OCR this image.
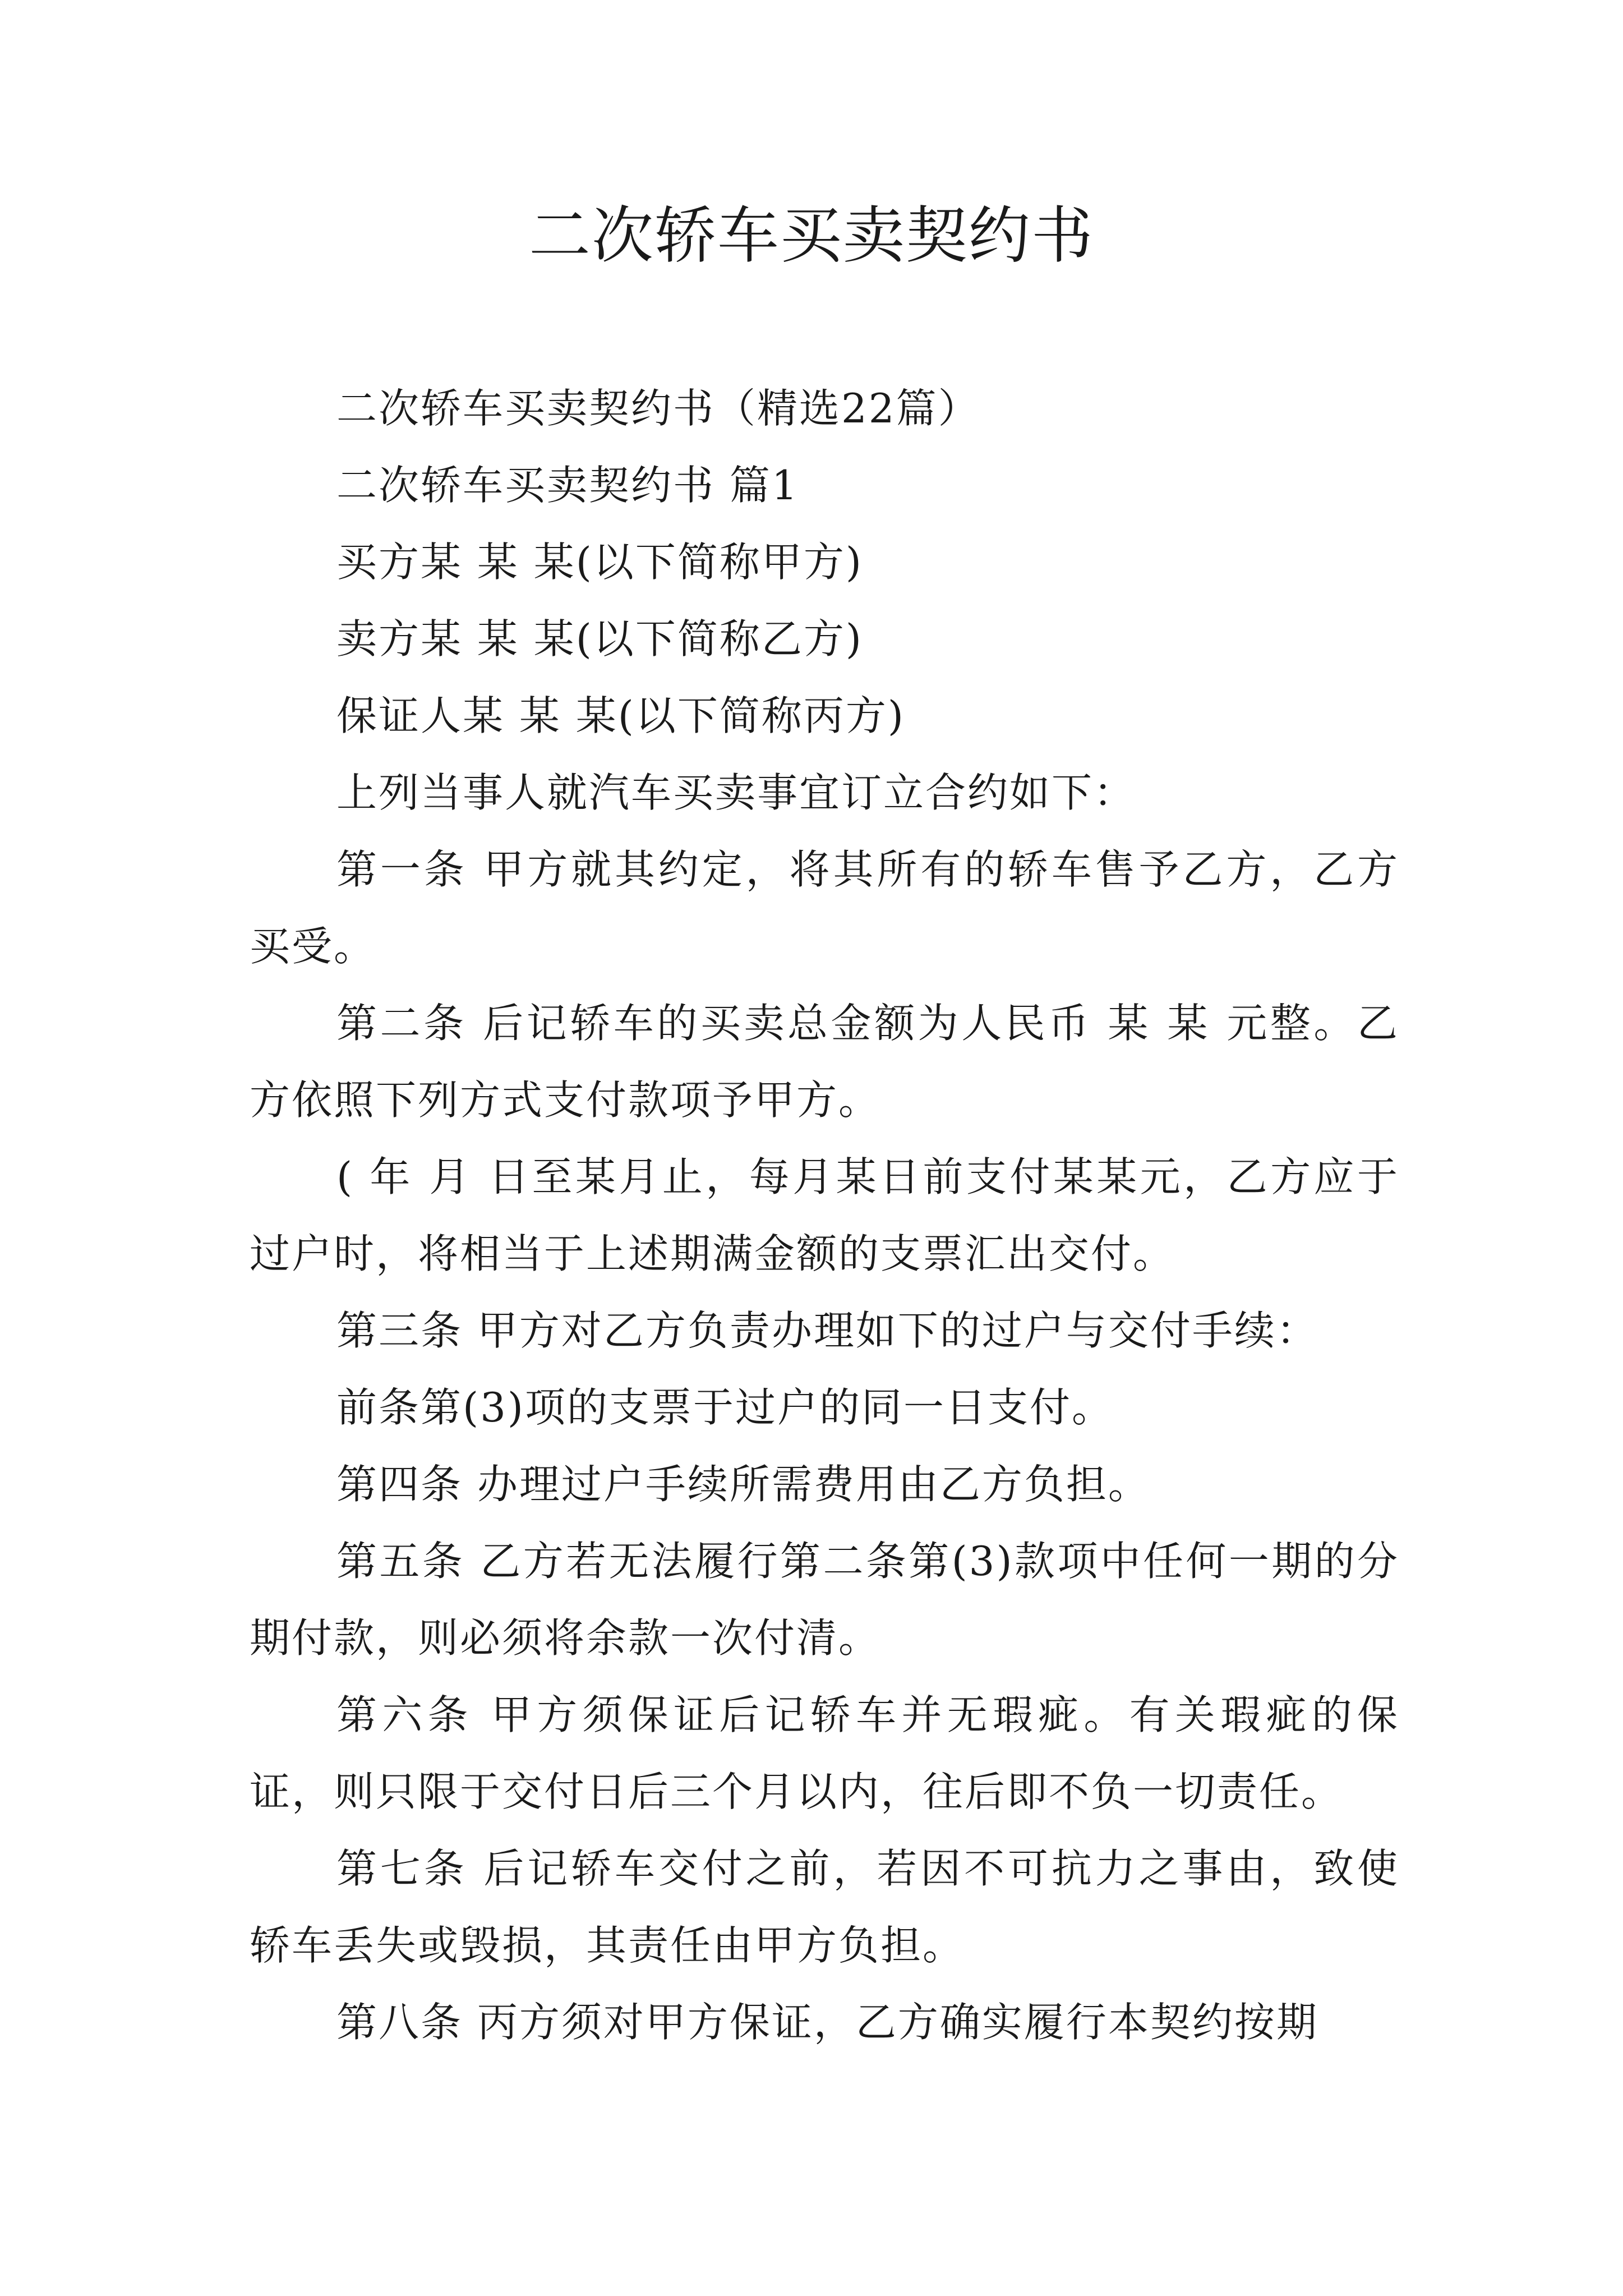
二次轿车买卖契约书

二次轿车买卖契约书（精选22篇）

二次轿车买卖契约书 篇1

买方某 某 某(以下简称甲方)

卖方某 某 某(以下简称乙方)

保证人某 某 某(以下简称丙方)

上列当事人就汽车买卖事宜订立合约如下：

第一条 甲方就其约定，将其所有的轿车售予乙方，乙方买受。

第二条 后记轿车的买卖总金额为人民币 某 某 元整。乙方依照下列方式支付款项予甲方。

( 年 月 日至某月止，每月某日前支付某某元，乙方应于过户时，将相当于上述期满金额的支票汇出交付。

第三条 甲方对乙方负责办理如下的过户与交付手续：

前条第(3)项的支票于过户的同一日支付。

第四条 办理过户手续所需费用由乙方负担。

第五条 乙方若无法履行第二条第(3)款项中任何一期的分期付款，则必须将余款一次付清。

第六条 甲方须保证后记轿车并无瑕疵。有关瑕疵的保证，则只限于交付日后三个月以内，往后即不负一切责任。

第七条 后记轿车交付之前，若因不可抗力之事由，致使轿车丢失或毁损，其责任由甲方负担。

第八条 丙方须对甲方保证，乙方确实履行本契约按期
